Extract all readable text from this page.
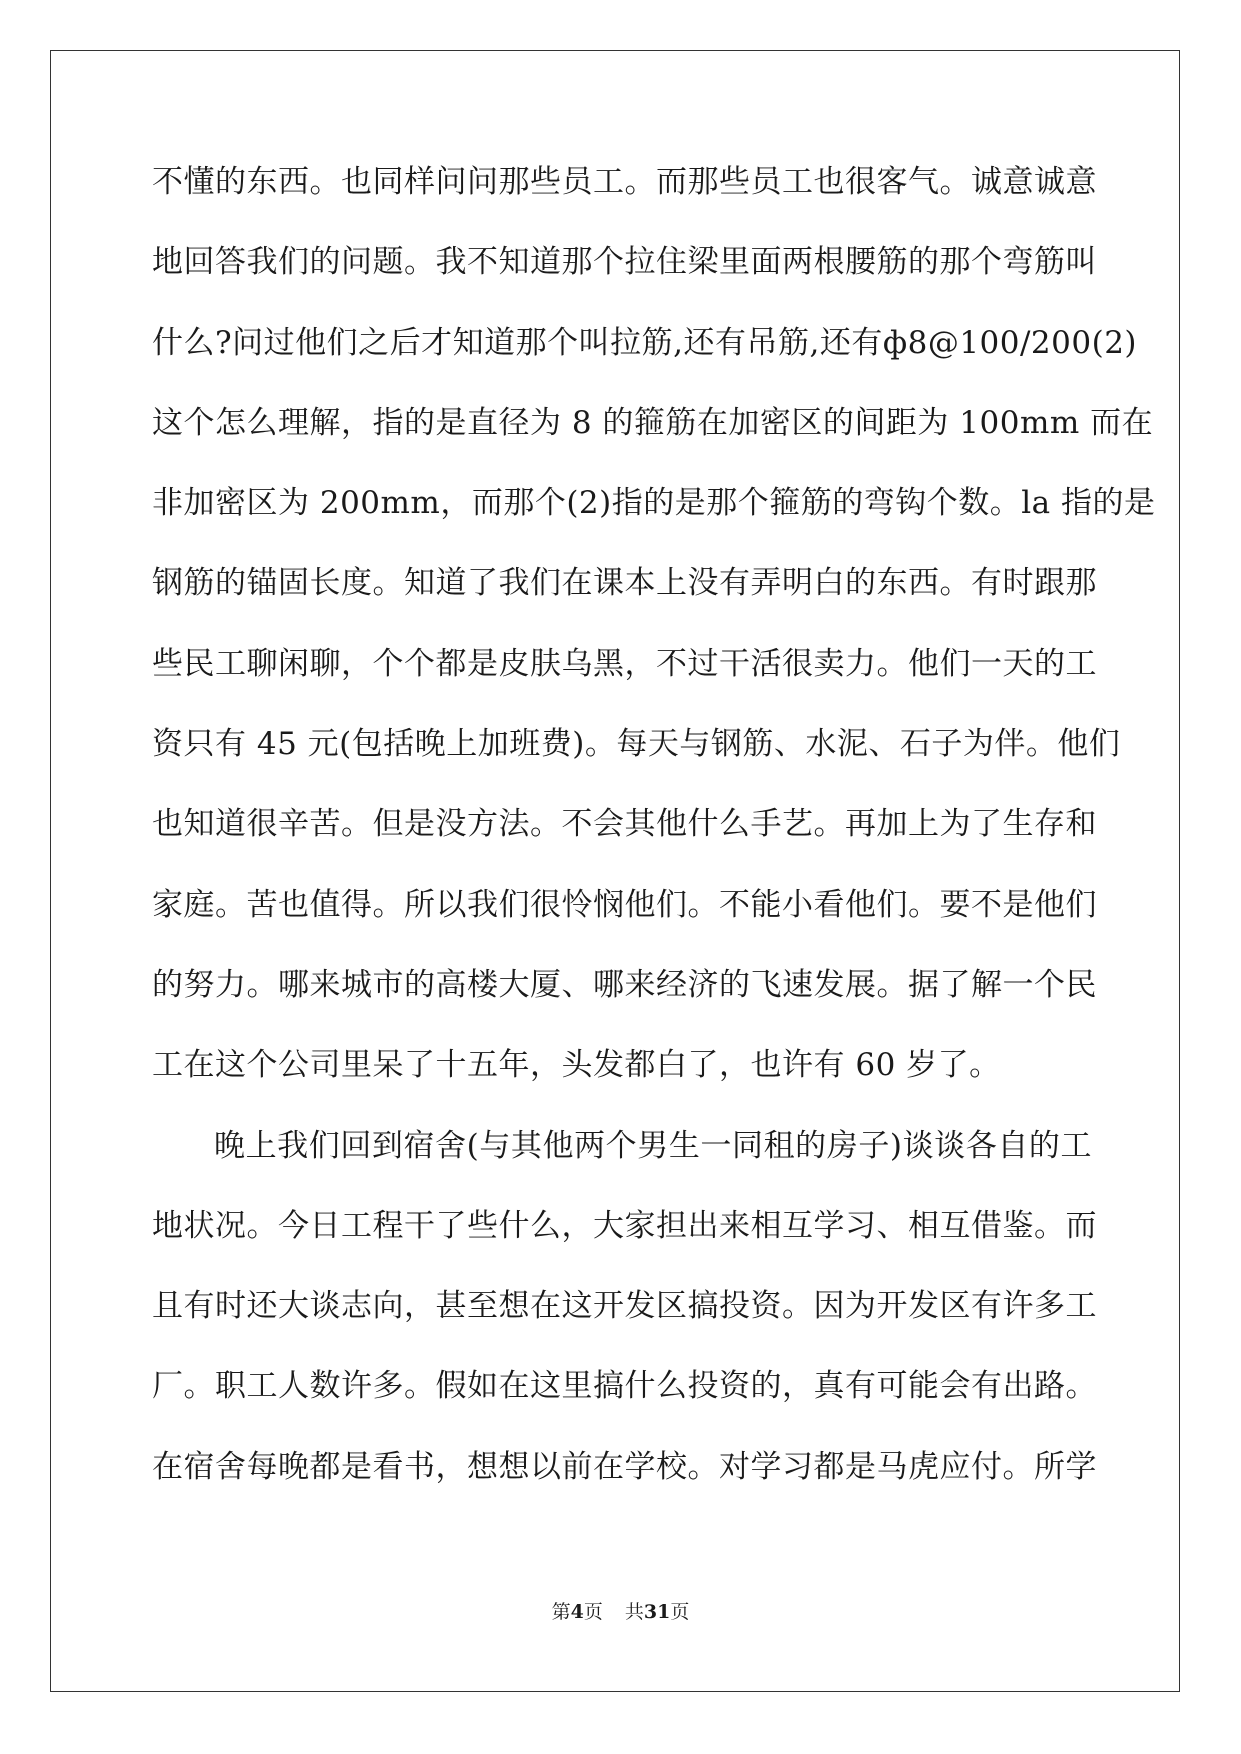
不懂的东西。也同样问问那些员工。而那些员工也很客气。诚意诚意
地回答我们的问题。我不知道那个拉住梁里面两根腰筋的那个弯筋叫
什么?问过他们之后才知道那个叫拉筋,还有吊筋,还有ф8@100/200(2)
这个怎么理解，指的是直径为 8 的箍筋在加密区的间距为 100mm 而在
非加密区为 200mm，而那个(2)指的是那个箍筋的弯钩个数。la 指的是
钢筋的锚固长度。知道了我们在课本上没有弄明白的东西。有时跟那
些民工聊闲聊，个个都是皮肤乌黑，不过干活很卖力。他们一天的工
资只有 45 元(包括晚上加班费)。每天与钢筋、水泥、石子为伴。他们
也知道很辛苦。但是没方法。不会其他什么手艺。再加上为了生存和
家庭。苦也值得。所以我们很怜悯他们。不能小看他们。要不是他们
的努力。哪来城市的高楼大厦、哪来经济的飞速发展。据了解一个民
工在这个公司里呆了十五年，头发都白了，也许有 60 岁了。
晚上我们回到宿舍(与其他两个男生一同租的房子)谈谈各自的工
地状况。今日工程干了些什么，大家担出来相互学习、相互借鉴。而
且有时还大谈志向，甚至想在这开发区搞投资。因为开发区有许多工
厂。职工人数许多。假如在这里搞什么投资的，真有可能会有出路。
在宿舍每晚都是看书，想想以前在学校。对学习都是马虎应付。所学
第4页 共31页
